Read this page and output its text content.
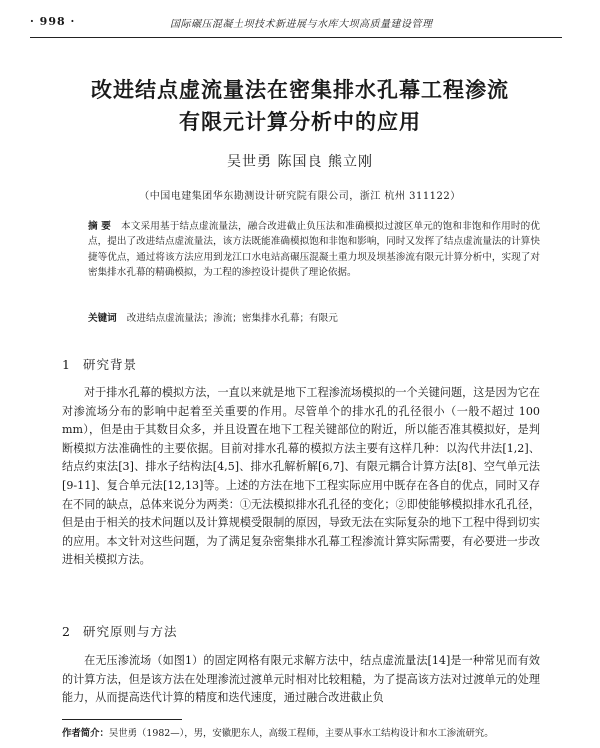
· 998 ·	国际碾压混凝土坝技术新进展与水库大坝高质量建设管理
改进结点虚流量法在密集排水孔幕工程渗流
有限元计算分析中的应用
吴世勇 陈国良 熊立刚
（中国电建集团华东勘测设计研究院有限公司，浙江 杭州 311122）
摘 要 本文采用基于结点虚流量法，融合改进截止负压法和准确模拟过渡区单元的饱和非饱和作用时的优点，提出了改进结点虚流量法，该方法既能准确模拟饱和非饱和影响，同时又发挥了结点虚流量法的计算快捷等优点，通过将该方法应用到龙江口水电站高碾压混凝土重力坝及坝基渗流有限元计算分析中，实现了对密集排水孔幕的精确模拟，为工程的渗控设计提供了理论依据。
关键词 改进结点虚流量法；渗流；密集排水孔幕；有限元
1 研究背景
对于排水孔幕的模拟方法，一直以来就是地下工程渗流场模拟的一个关键问题，这是因为它在对渗流场分布的影响中起着至关重要的作用。尽管单个的排水孔的孔径很小（一般不超过 100 mm），但是由于其数目众多，并且设置在地下工程关键部位的附近，所以能否准其模拟好，是判断模拟方法准确性的主要依据。目前对排水孔幕的模拟方法主要有这样几种：以沟代井法[1,2]、结点约束法[3]、排水子结构法[4,5]、排水孔解析解[6,7]、有限元耦合计算方法[8]、空气单元法[9-11]、复合单元法[12,13]等。上述的方法在地下工程实际应用中既存在各自的优点，同时又存在不同的缺点，总体来说分为两类：①无法模拟排水孔孔径的变化；②即使能够模拟排水孔孔径，但是由于相关的技术问题以及计算规模受限制的原因，导致无法在实际复杂的地下工程中得到切实的应用。本文针对这些问题，为了满足复杂密集排水孔幕工程渗流计算实际需要，有必要进一步改进相关模拟方法。
2 研究原则与方法
在无压渗流场（如图1）的固定网格有限元求解方法中，结点虚流量法[14]是一种常见而有效的计算方法，但是该方法在处理渗流过渡单元时相对比较粗糙，为了提高该方法对过渡单元的处理能力，从而提高迭代计算的精度和迭代速度，通过融合改进截止负
作者简介：吴世勇（1982—），男，安徽肥东人，高级工程师，主要从事水工结构设计和水工渗流研究。
